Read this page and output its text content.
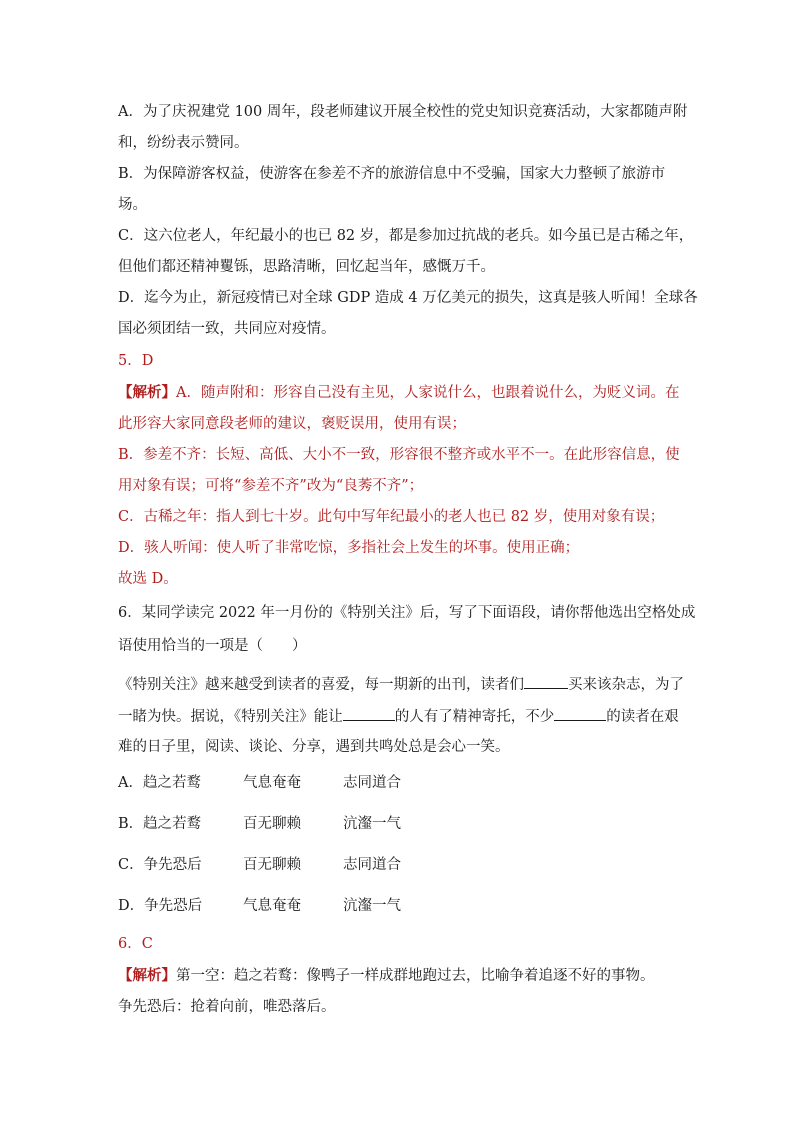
A．为了庆祝建党 100 周年，段老师建议开展全校性的党史知识竞赛活动，大家都随声附
和，纷纷表示赞同。
B．为保障游客权益，使游客在参差不齐的旅游信息中不受骗，国家大力整顿了旅游市
场。
C．这六位老人，年纪最小的也已 82 岁，都是参加过抗战的老兵。如今虽已是古稀之年，
但他们都还精神矍铄，思路清晰，回忆起当年，感慨万千。
D．迄今为止，新冠疫情已对全球 GDP 造成 4 万亿美元的损失，这真是骇人听闻！全球各
国必须团结一致，共同应对疫情。
5．D
【解析】A．随声附和：形容自己没有主见，人家说什么，也跟着说什么，为贬义词。在
此形容大家同意段老师的建议，褒贬误用，使用有误；
B．参差不齐：长短、高低、大小不一致，形容很不整齐或水平不一。在此形容信息，使
用对象有误；可将“参差不齐”改为“良莠不齐”；
C．古稀之年：指人到七十岁。此句中写年纪最小的老人也已 82 岁，使用对象有误；
D．骇人听闻：使人听了非常吃惊，多指社会上发生的坏事。使用正确；
故选 D。
6．某同学读完 2022 年一月份的《特别关注》后，写了下面语段，请你帮他选出空格处成
语使用恰当的一项是（　　）
《特别关注》越来越受到读者的喜爱，每一期新的出刊，读者们	买来该杂志，为了
一睹为快。据说，《特别关注》能让	的人有了精神寄托，不少	的读者在艰
难的日子里，阅读、谈论、分享，遇到共鸣处总是会心一笑。
A．趋之若鹜	气息奄奄	志同道合
B．趋之若鹜	百无聊赖	沆瀣一气
C．争先恐后	百无聊赖	志同道合
D．争先恐后	气息奄奄	沆瀣一气
6．C
【解析】第一空：趋之若鹜：像鸭子一样成群地跑过去，比喻争着追逐不好的事物。
争先恐后：抢着向前，唯恐落后。
